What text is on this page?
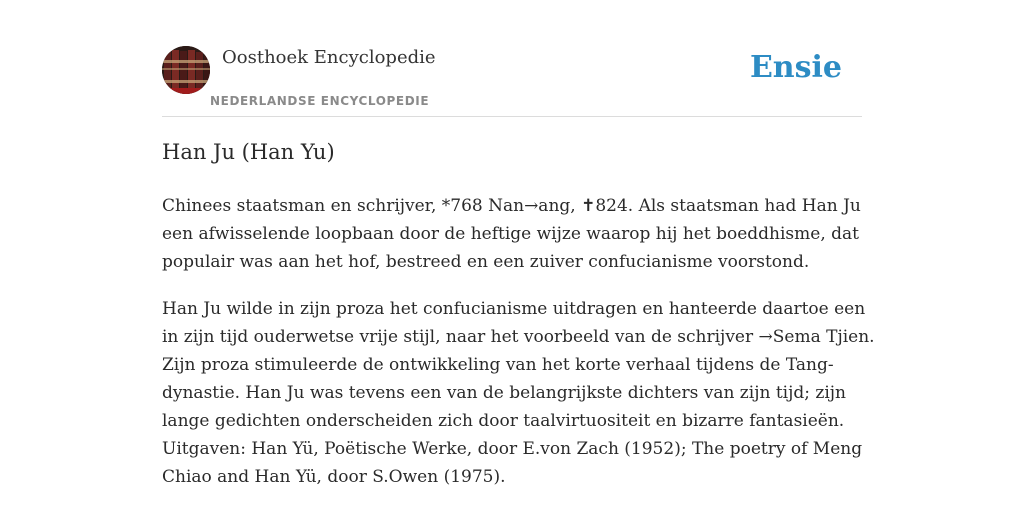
Oosthoek Encyclopedie
NEDERLANDSE ENCYCLOPEDIE
Ensie
Han Ju (Han Yu)

Chinees staatsman en schrijver, *768 Nan→ang, ✝824. Als staatsman had Han Ju
een afwisselende loopbaan door de heftige wijze waarop hij het boeddhisme, dat
populair was aan het hof, bestreed en een zuiver confucianisme voorstond.

Han Ju wilde in zijn proza het confucianisme uitdragen en hanteerde daartoe een
in zijn tijd ouderwetse vrije stijl, naar het voorbeeld van de schrijver →Sema Tjien.
Zijn proza stimuleerde de ontwikkeling van het korte verhaal tijdens de Tang-
dynastie. Han Ju was tevens een van de belangrijkste dichters van zijn tijd; zijn
lange gedichten onderscheiden zich door taalvirtuositeit en bizarre fantasieën.
Uitgaven: Han Yü, Poëtische Werke, door E.von Zach (1952); The poetry of Meng
Chiao and Han Yü, door S.Owen (1975).
